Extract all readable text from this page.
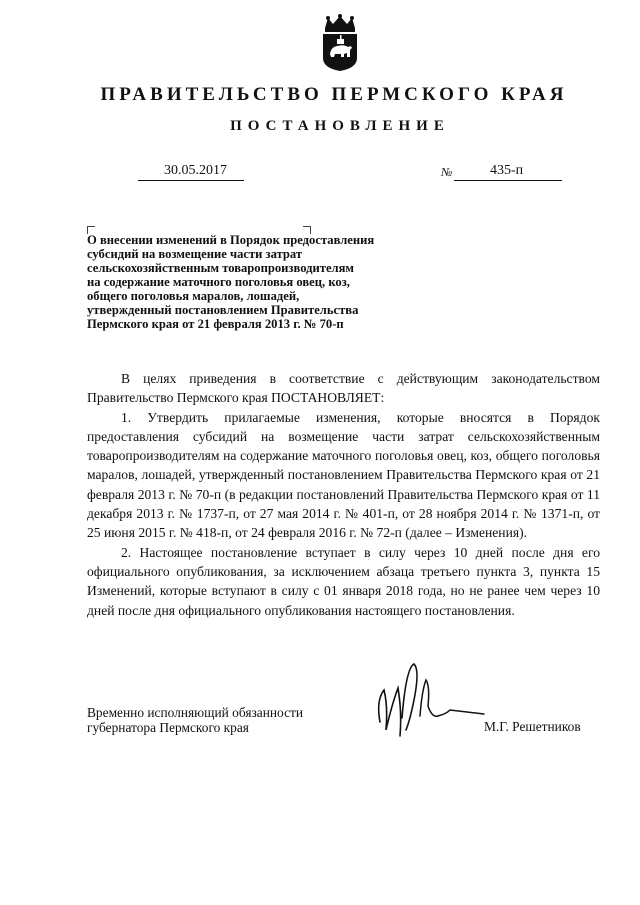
ПРАВИТЕЛЬСТВО ПЕРМСКОГО КРАЯ
ПОСТАНОВЛЕНИЕ
30.05.2017	№	435-п
О внесении изменений в Порядок предоставления
субсидий на возмещение части затрат
сельскохозяйственным товаропроизводителям
на содержание маточного поголовья овец, коз,
общего поголовья маралов, лошадей,
утвержденный постановлением Правительства
Пермского края от 21 февраля 2013 г. № 70-п

В целях приведения в соответствие с действующим законодательством Правительство Пермского края ПОСТАНОВЛЯЕТ:

1. Утвердить прилагаемые изменения, которые вносятся в Порядок предоставления субсидий на возмещение части затрат сельскохозяйственным товаропроизводителям на содержание маточного поголовья овец, коз, общего поголовья маралов, лошадей, утвержденный постановлением Правительства Пермского края от 21 февраля 2013 г. № 70-п (в редакции постановлений Правительства Пермского края от 11 декабря 2013 г. № 1737-п, от 27 мая 2014 г. № 401-п, от 28 ноября 2014 г. № 1371-п, от 25 июня 2015 г. № 418-п, от 24 февраля 2016 г. № 72-п (далее – Изменения).

2. Настоящее постановление вступает в силу через 10 дней после дня его официального опубликования, за исключением абзаца третьего пункта 3, пункта 15 Изменений, которые вступают в силу с 01 января 2018 года, но не ранее чем через 10 дней после дня официального опубликования настоящего постановления.

Временно исполняющий обязанности
губернатора Пермского края	М.Г. Решетников
